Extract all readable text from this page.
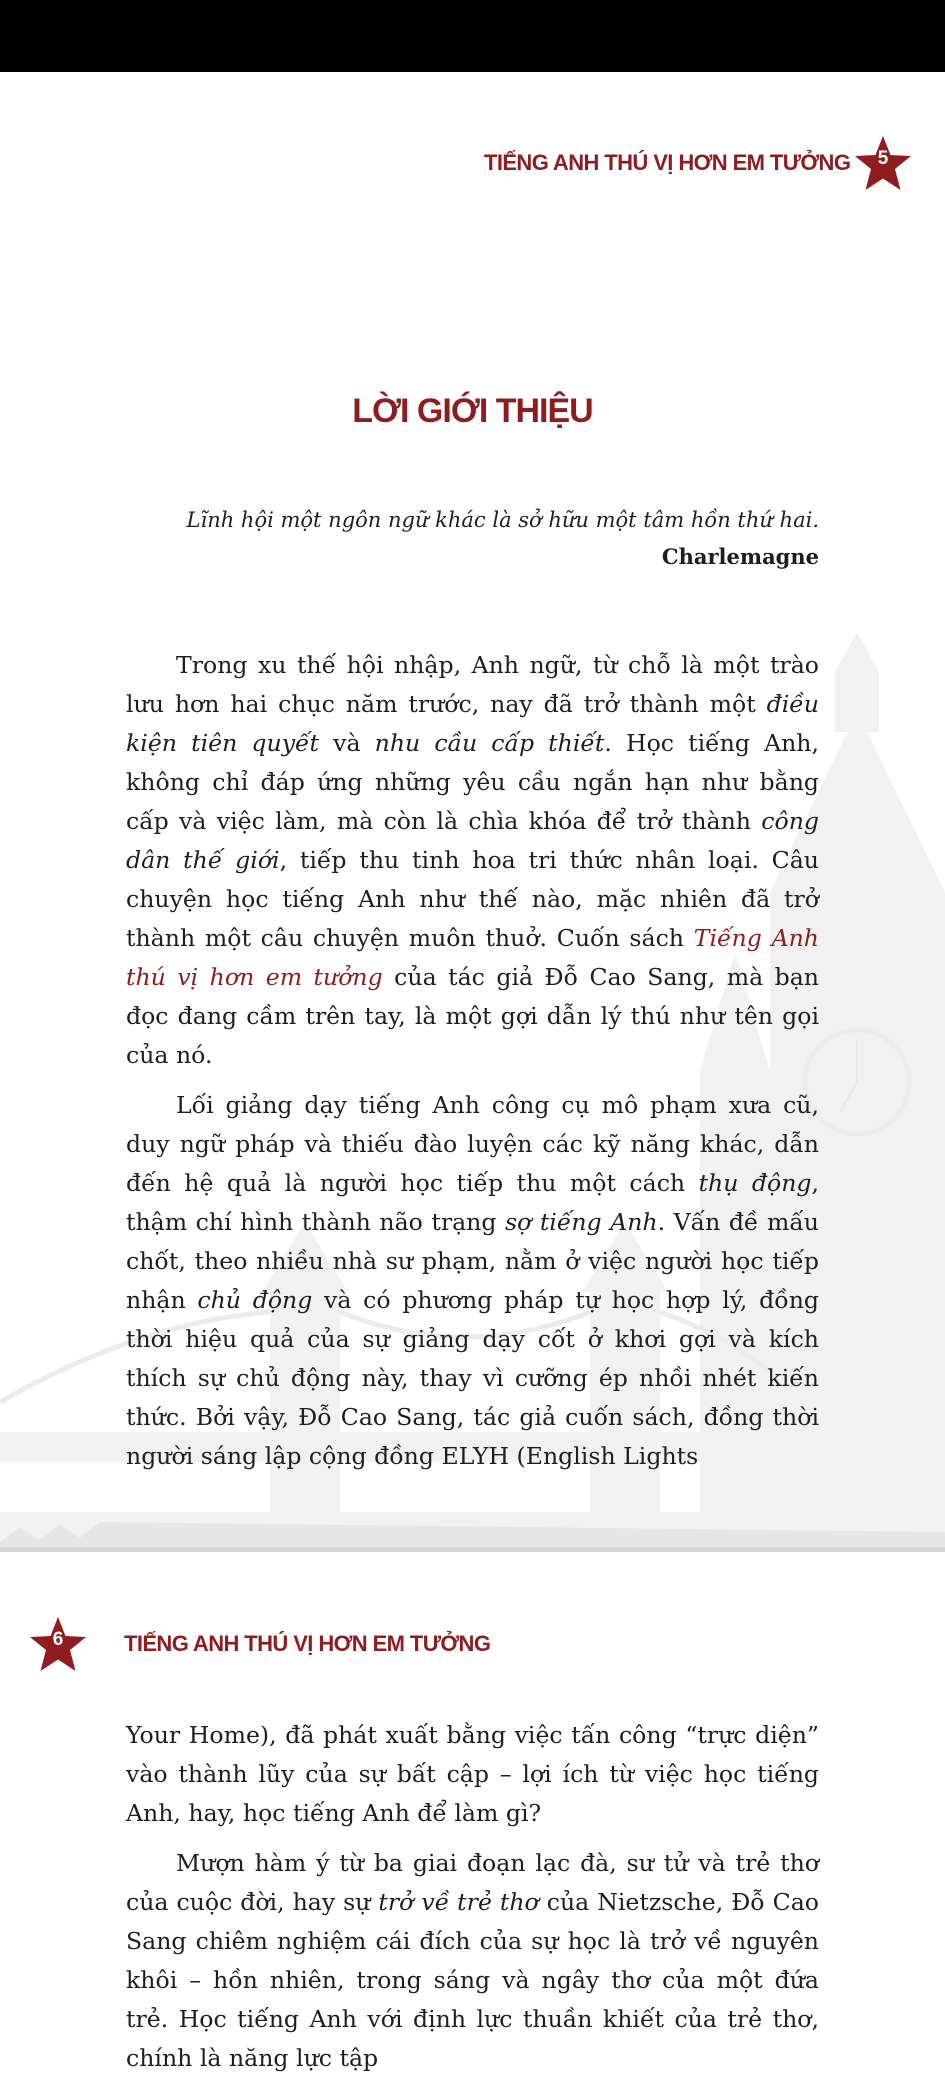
TIẾNG ANH THÚ VỊ HƠN EM TƯỞNG	5
LỜI GIỚI THIỆU
Lĩnh hội một ngôn ngữ khác là sở hữu một tâm hồn thứ hai.
Charlemagne

Trong xu thế hội nhập, Anh ngữ, từ chỗ là một trào lưu hơn hai chục năm trước, nay đã trở thành một điều kiện tiên quyết và nhu cầu cấp thiết. Học tiếng Anh, không chỉ đáp ứng những yêu cầu ngắn hạn như bằng cấp và việc làm, mà còn là chìa khóa để trở thành công dân thế giới, tiếp thu tinh hoa tri thức nhân loại. Câu chuyện học tiếng Anh như thế nào, mặc nhiên đã trở thành một câu chuyện muôn thuở. Cuốn sách Tiếng Anh thú vị hơn em tưởng của tác giả Đỗ Cao Sang, mà bạn đọc đang cầm trên tay, là một gợi dẫn lý thú như tên gọi của nó.

Lối giảng dạy tiếng Anh công cụ mô phạm xưa cũ, duy ngữ pháp và thiếu đào luyện các kỹ năng khác, dẫn đến hệ quả là người học tiếp thu một cách thụ động, thậm chí hình thành não trạng sợ tiếng Anh. Vấn đề mấu chốt, theo nhiều nhà sư phạm, nằm ở việc người học tiếp nhận chủ động và có phương pháp tự học hợp lý, đồng thời hiệu quả của sự giảng dạy cốt ở khơi gợi và kích thích sự chủ động này, thay vì cưỡng ép nhồi nhét kiến thức. Bởi vậy, Đỗ Cao Sang, tác giả cuốn sách, đồng thời người sáng lập cộng đồng ELYH (English Lights

6	TIẾNG ANH THÚ VỊ HƠN EM TƯỞNG

Your Home), đã phát xuất bằng việc tấn công “trực diện” vào thành lũy của sự bất cập – lợi ích từ việc học tiếng Anh, hay, học tiếng Anh để làm gì?

Mượn hàm ý từ ba giai đoạn lạc đà, sư tử và trẻ thơ của cuộc đời, hay sự trở về trẻ thơ của Nietzsche, Đỗ Cao Sang chiêm nghiệm cái đích của sự học là trở về nguyên khôi – hồn nhiên, trong sáng và ngây thơ của một đứa trẻ. Học tiếng Anh với định lực thuần khiết của trẻ thơ, chính là năng lực tập
